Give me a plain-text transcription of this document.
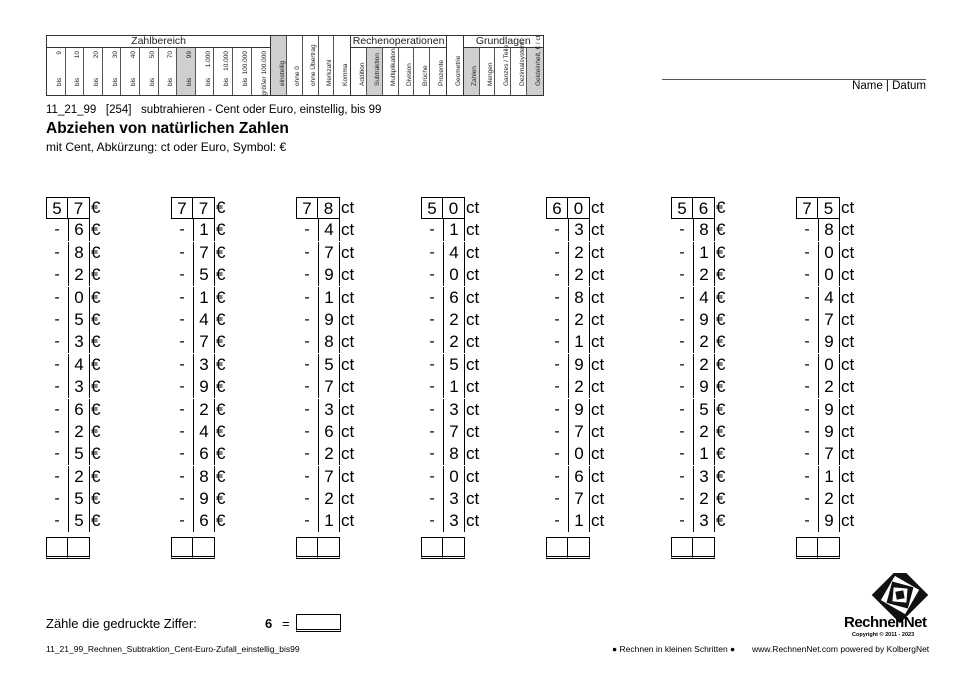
Zahlbereich
9
bis
10
bis
20
bis
30
bis
40
bis
50
bis
70
bis
99
bis
1.000
bis
10.000
bis
100.000
bis größer 100.000 einstellig ohne 0 ohne Übertrag Merkzahl Komma
Rechenoperationen
Addition Subtraktion Multiplikation Division Brüche Prozente Geometrie
Grundlagen
Zahlen Mengen Ganzes / Teile Dezimalsystem Geldeinheit, € / ct	Name | Datum
11_21_99   [254]   subtrahieren - Cent oder Euro, einstellig, bis 99
Abziehen von natürlichen Zahlen
mit Cent, Abkürzung: ct oder Euro, Symbol: €
5 7 €
- 6 €
- 8 €
- 2 €
- 0 €
- 5 €
- 3 €
- 4 €
- 3 €
- 6 €
- 2 €
- 5 €
- 2 €
- 5 €
- 5 €
7 7 €
- 1 €
- 7 €
- 5 €
- 1 €
- 4 €
- 7 €
- 3 €
- 9 €
- 2 €
- 4 €
- 6 €
- 8 €
- 9 €
- 6 €
7 8 ct
- 4 ct
- 7 ct
- 9 ct
- 1 ct
- 9 ct
- 8 ct
- 5 ct
- 7 ct
- 3 ct
- 6 ct
- 2 ct
- 7 ct
- 2 ct
- 1 ct
5 0 ct
- 1 ct
- 4 ct
- 0 ct
- 6 ct
- 2 ct
- 2 ct
- 5 ct
- 1 ct
- 3 ct
- 7 ct
- 8 ct
- 0 ct
- 3 ct
- 3 ct
6 0 ct
- 3 ct
- 2 ct
- 2 ct
- 8 ct
- 2 ct
- 1 ct
- 9 ct
- 2 ct
- 9 ct
- 7 ct
- 0 ct
- 6 ct
- 7 ct
- 1 ct
5 6 €
- 8 €
- 1 €
- 2 €
- 4 €
- 9 €
- 2 €
- 2 €
- 9 €
- 5 €
- 2 €
- 1 €
- 3 €
- 2 €
- 3 €
7 5 ct
- 8 ct
- 0 ct
- 0 ct
- 4 ct
- 7 ct
- 9 ct
- 0 ct
- 2 ct
- 9 ct
- 9 ct
- 7 ct
- 1 ct
- 2 ct
- 9 ct
Zähle die gedruckte Ziffer:	6 =
11_21_99_Rechnen_Subtraktion_Cent-Euro-Zufall_einstellig_bis99	● Rechnen in kleinen Schritten ● www.RechnenNet.com powered by KolbergNet
RechnenNet
Copyright © 2011 - 2023
